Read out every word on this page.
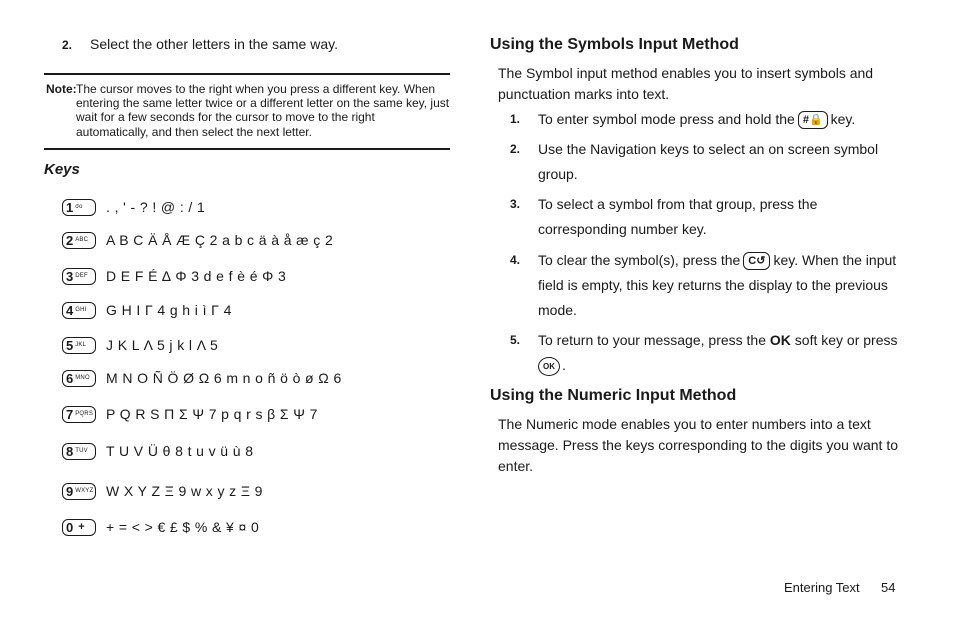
2. Select the other letters in the same way.
Note: The cursor moves to the right when you press a different key. When entering the same letter twice or a different letter on the same key, just wait for a few seconds for the cursor to move to the right automatically, and then select the next letter.
Keys
1 σο . , ' - ? ! @ : / 1
2 ABC A B C Ä Å Æ Ç 2 a b c ä à å æ ç 2
3 DEF D E F É ∆ Φ 3 d e f è é Φ 3
4 GHI G H I Γ 4 g h i ì Γ 4
5 JKL J K L Λ 5 j k l Λ 5
6 MNO M N O Ñ Ö Ø Ω 6 m n o ñ ö ò ø Ω 6
7 PQRS P Q R S Π Σ Ψ 7 p q r s β Σ Ψ 7
8 TUV T U V Ü θ 8 t u v ü ù 8
9 WXYZ W X Y Z Ξ 9 w x y z Ξ 9
0 + + = < > € £ $ % & ¥ ¤ 0
Using the Symbols Input Method
The Symbol input method enables you to insert symbols and punctuation marks into text.
1. To enter symbol mode press and hold the # 🔒 key.
2. Use the Navigation keys to select an on screen symbol group.
3. To select a symbol from that group, press the corresponding number key.
4. To clear the symbol(s), press the C ↺ key. When the input field is empty, this key returns the display to the previous mode.
5. To return to your message, press the OK soft key or press
OK .
Using the Numeric Input Method
The Numeric mode enables you to enter numbers into a text message. Press the keys corresponding to the digits you want to enter.
Entering Text 54
